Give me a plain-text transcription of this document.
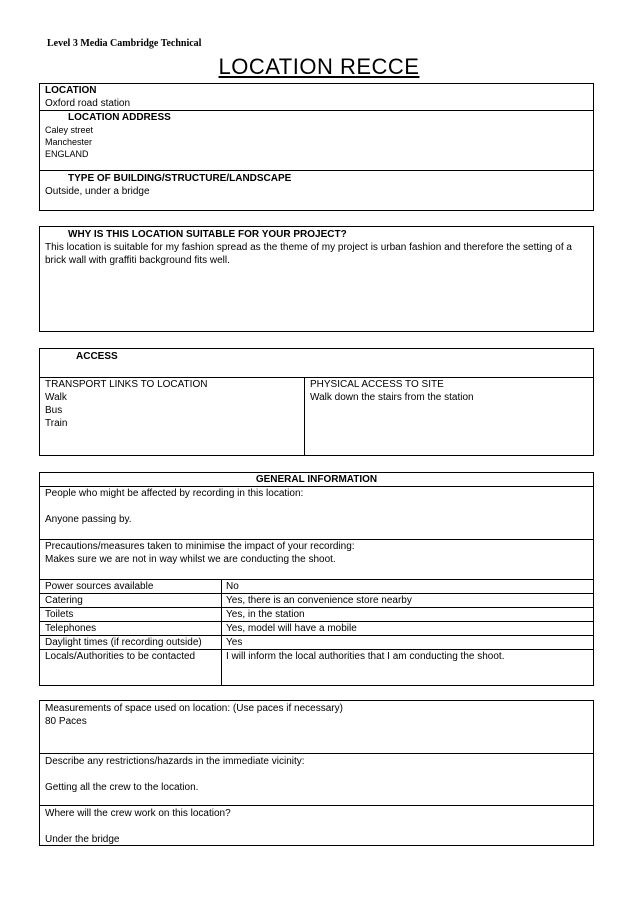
Level 3 Media Cambridge Technical
LOCATION RECCE
LOCATION
Oxford road station
LOCATION ADDRESS
Caley street
Manchester
ENGLAND
TYPE OF BUILDING/STRUCTURE/LANDSCAPE
Outside, under a bridge
WHY IS THIS LOCATION SUITABLE FOR YOUR PROJECT?
This location is suitable for my fashion spread as the theme of my project is urban fashion and therefore the setting of a
brick wall with graffiti background fits well.
ACCESS
TRANSPORT LINKS TO LOCATION
Walk
Bus
Train
PHYSICAL ACCESS TO SITE
Walk down the stairs from the station
GENERAL INFORMATION
People who might be affected by recording in this location:
Anyone passing by.
Precautions/measures taken to minimise the impact of your recording:
Makes sure we are not in way whilst we are conducting the shoot.
Power sources available	No
Catering	Yes, there is an convenience store nearby
Toilets	Yes, in the station
Telephones	Yes, model will have a mobile
Daylight times (if recording outside) Yes
Locals/Authorities to be contacted	I will inform the local authorities that I am conducting the shoot.
Measurements of space used on location: (Use paces if necessary)
80 Paces
Describe any restrictions/hazards in the immediate vicinity:
Getting all the crew to the location.
Where will the crew work on this location?
Under the bridge
